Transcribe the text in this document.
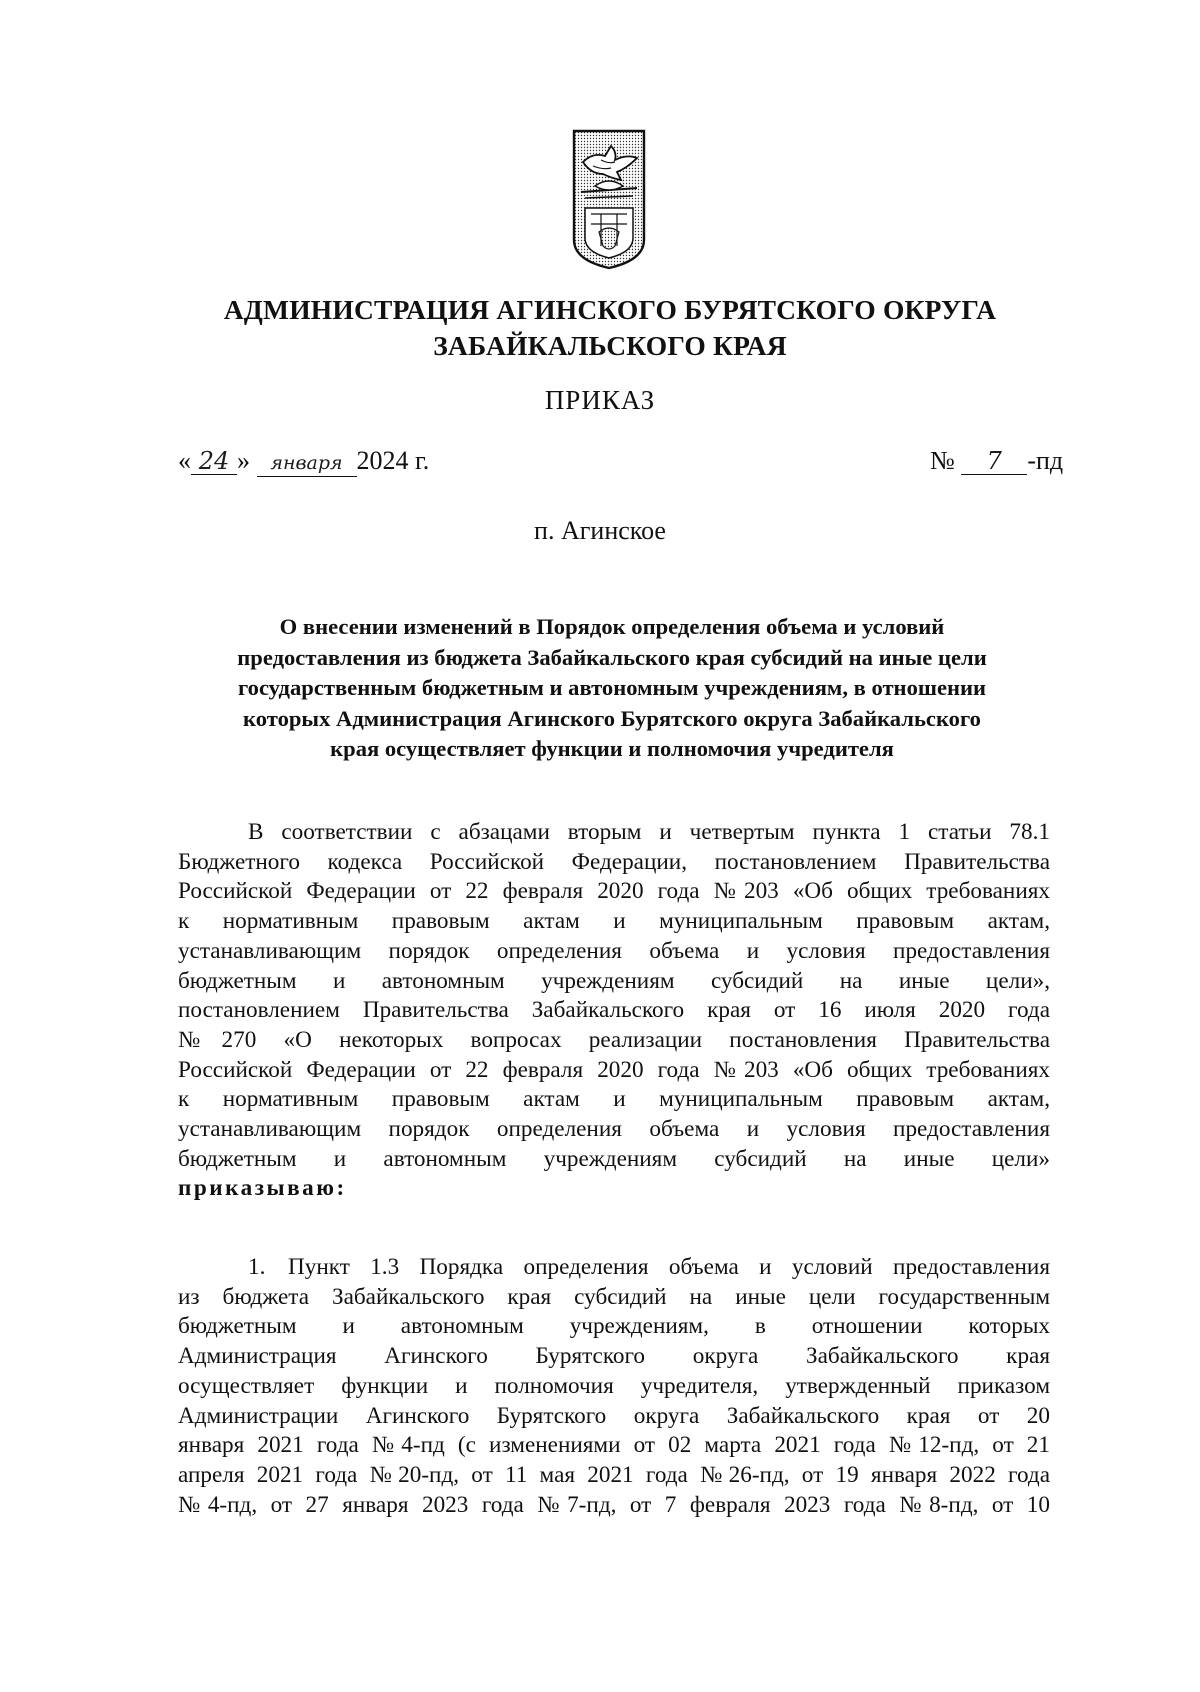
АДМИНИСТРАЦИЯ АГИНСКОГО БУРЯТСКОГО ОКРУГА
ЗАБАЙКАЛЬСКОГО КРАЯ
ПРИКАЗ
« 24 » января 2024 г.	№ 7 -пд
п. Агинское
О внесении изменений в Порядок определения объема и условий
предоставления из бюджета Забайкальского края субсидий на иные цели
государственным бюджетным и автономным учреждениям, в отношении
которых Администрация Агинского Бурятского округа Забайкальского
края осуществляет функции и полномочия учредителя
В соответствии с абзацами вторым и четвертым пункта 1 статьи 78.1
Бюджетного кодекса Российской Федерации, постановлением Правительства
Российской Федерации от 22 февраля 2020 года №203 «Об общих требованиях
к нормативным правовым актам и муниципальным правовым актам,
устанавливающим порядок определения объема и условия предоставления
бюджетным и автономным учреждениям субсидий на иные цели»,
постановлением Правительства Забайкальского края от 16 июля 2020 года
№270 «О некоторых вопросах реализации постановления Правительства
Российской Федерации от 22 февраля 2020 года №203 «Об общих требованиях
к нормативным правовым актам и муниципальным правовым актам,
устанавливающим порядок определения объема и условия предоставления
бюджетным и автономным учреждениям субсидий на иные цели»
приказываю:
1. Пункт 1.3 Порядка определения объема и условий предоставления
из бюджета Забайкальского края субсидий на иные цели государственным
бюджетным и автономным учреждениям, в отношении которых
Администрация Агинского Бурятского округа Забайкальского края
осуществляет функции и полномочия учредителя, утвержденный приказом
Администрации Агинского Бурятского округа Забайкальского края от 20
января 2021 года №4-пд (с изменениями от 02 марта 2021 года №12-пд, от 21
апреля 2021 года №20-пд, от 11 мая 2021 года №26-пд, от 19 января 2022 года
№4-пд, от 27 января 2023 года №7-пд, от 7 февраля 2023 года №8-пд, от 10
